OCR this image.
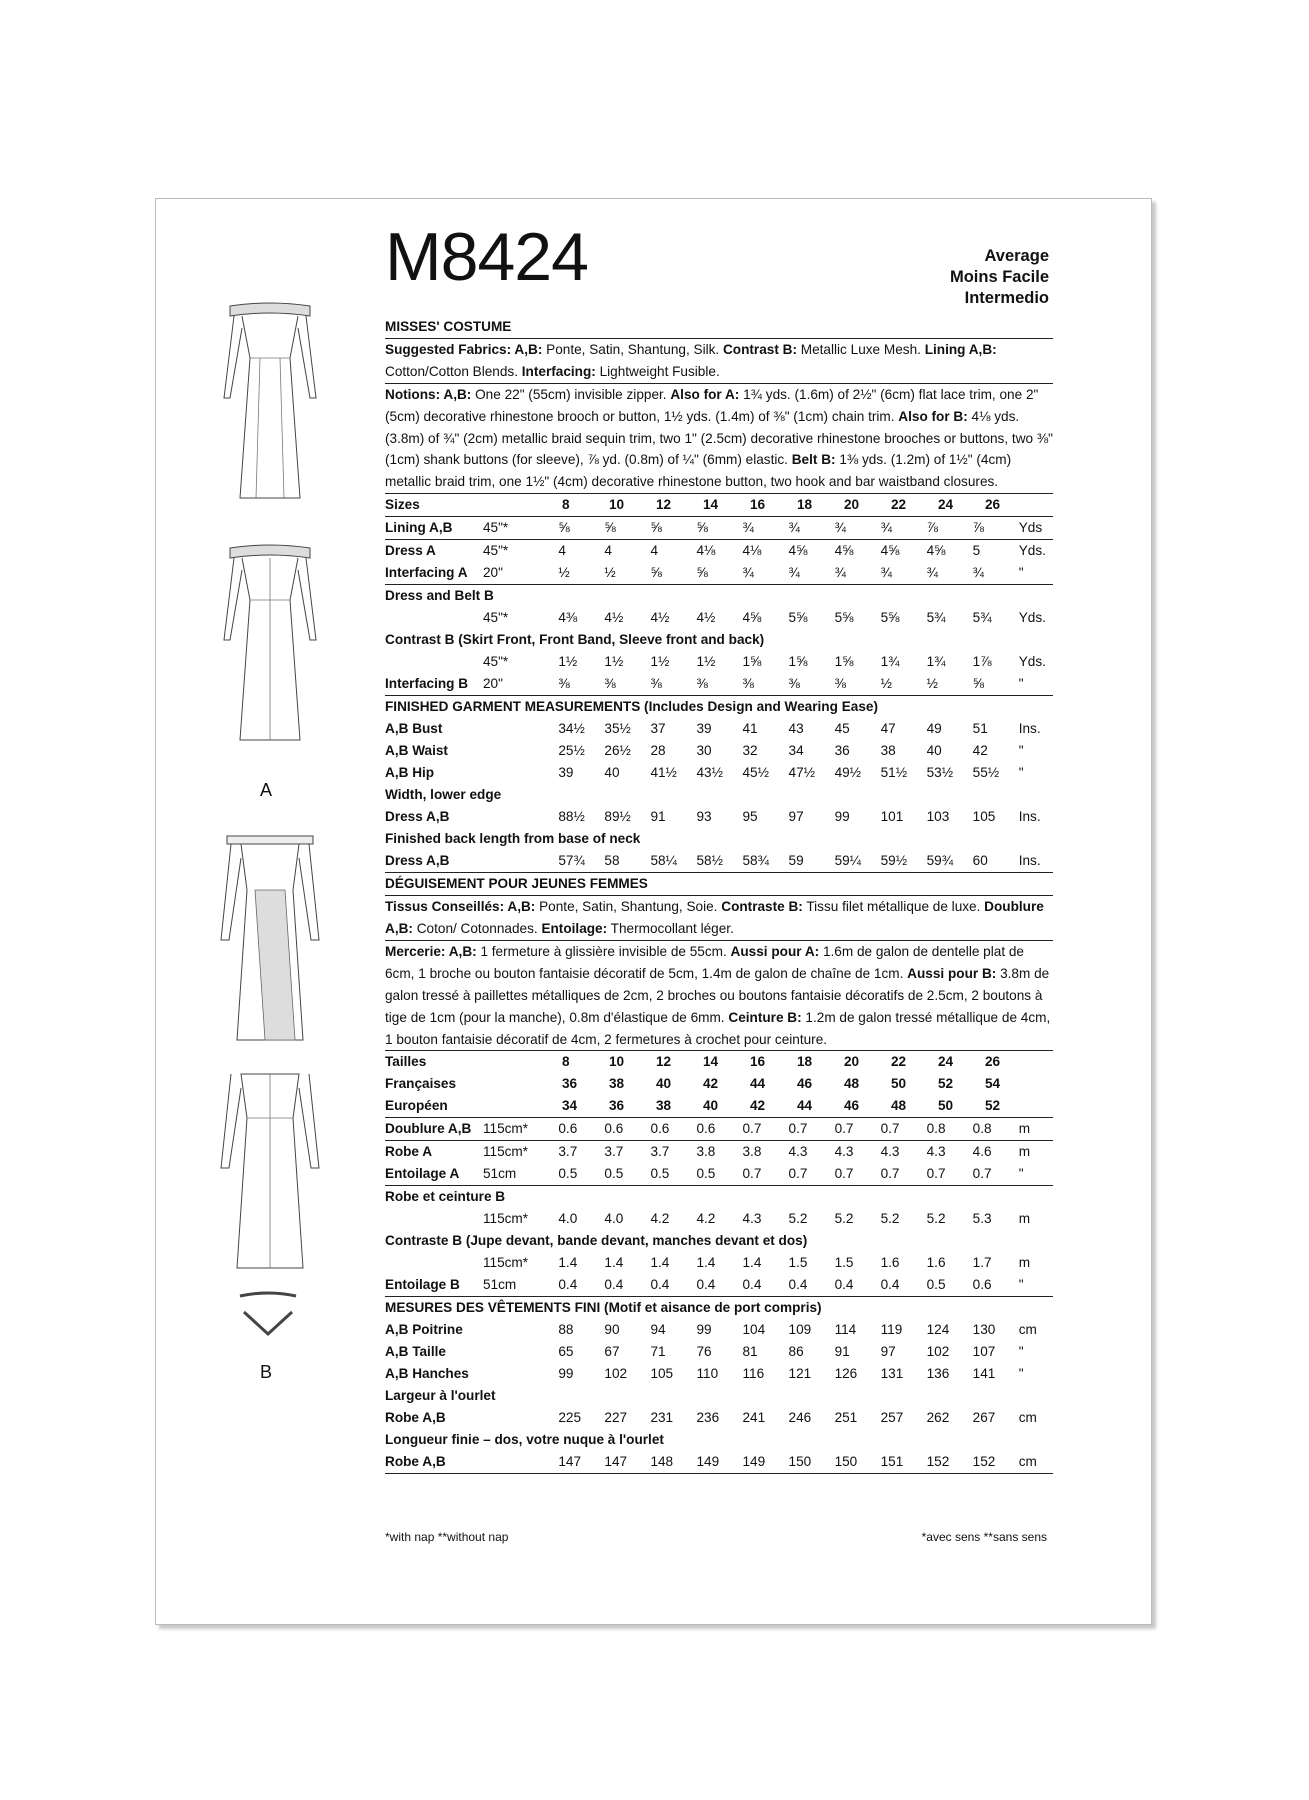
A
B
M8424	Average
Moins Facile
Intermedio
MISSES' COSTUME

Suggested Fabrics: A,B: Ponte, Satin, Shantung, Silk. Contrast B: Metallic Luxe Mesh. Lining A,B: Cotton/Cotton Blends. Interfacing: Lightweight Fusible.

Notions: A,B: One 22" (55cm) invisible zipper. Also for A: 1¾ yds. (1.6m) of 2½" (6cm) flat lace trim, one 2" (5cm) decorative rhinestone brooch or button, 1½ yds. (1.4m) of ⅜" (1cm) chain trim. Also for B: 4⅛ yds. (3.8m) of ¾" (2cm) metallic braid sequin trim, two 1" (2.5cm) decorative rhinestone brooches or buttons, two ⅜" (1cm) shank buttons (for sleeve), ⅞ yd. (0.8m) of ¼" (6mm) elastic. Belt B: 1⅜ yds. (1.2m) of 1½" (4cm) metallic braid trim, one 1½" (4cm) decorative rhinestone button, two hook and bar waistband closures.

Sizes	8	10	12	14	16	18	20	22	24	26
Lining A,B	45"*	⅝	⅝	⅝	⅝	¾	¾	¾	¾	⅞	⅞	Yds
Dress A	45"*	4	4	4	4⅛	4⅛	4⅝	4⅝	4⅝	4⅝	5	Yds.
Interfacing A	20"	½	½	⅝	⅝	¾	¾	¾	¾	¾	¾	"
Dress and Belt B
45"*	4⅜	4½	4½	4½	4⅝	5⅝	5⅝	5⅝	5¾	5¾	Yds.
Contrast B (Skirt Front, Front Band, Sleeve front and back)
45"*	1½	1½	1½	1½	1⅝	1⅝	1⅝	1¾	1¾	1⅞	Yds.
Interfacing B	20"	⅜	⅜	⅜	⅜	⅜	⅜	⅜	½	½	⅝	"
FINISHED GARMENT MEASUREMENTS (Includes Design and Wearing Ease)
A,B Bust	34½	35½	37	39	41	43	45	47	49	51	Ins.
A,B Waist	25½	26½	28	30	32	34	36	38	40	42	"
A,B Hip	39	40	41½	43½	45½	47½	49½	51½	53½	55½	"
Width, lower edge
Dress A,B	88½	89½	91	93	95	97	99	101	103	105	Ins.
Finished back length from base of neck
Dress A,B	57¾	58	58¼	58½	58¾	59	59¼	59½	59¾	60	Ins.
DÉGUISEMENT POUR JEUNES FEMMES

Tissus Conseillés: A,B: Ponte, Satin, Shantung, Soie. Contraste B: Tissu filet métallique de luxe. Doublure A,B: Coton/ Cotonnades. Entoilage: Thermocollant léger.

Mercerie: A,B: 1 fermeture à glissière invisible de 55cm. Aussi pour A: 1.6m de galon de dentelle plat de 6cm, 1 broche ou bouton fantaisie décoratif de 5cm, 1.4m de galon de chaîne de 1cm. Aussi pour B: 3.8m de galon tressé à paillettes métalliques de 2cm, 2 broches ou boutons fantaisie décoratifs de 2.5cm, 2 boutons à tige de 1cm (pour la manche), 0.8m d'élastique de 6mm. Ceinture B: 1.2m de galon tressé métallique de 4cm, 1 bouton fantaisie décoratif de 4cm, 2 fermetures à crochet pour ceinture.

Tailles	8	10	12	14	16	18	20	22	24	26
Françaises	36	38	40	42	44	46	48	50	52	54
Européen	34	36	38	40	42	44	46	48	50	52
Doublure A,B 115cm*	0.6	0.6	0.6	0.6	0.7	0.7	0.7	0.7	0.8	0.8	m
Robe A	115cm*	3.7	3.7	3.7	3.8	3.8	4.3	4.3	4.3	4.3	4.6	m
Entoilage A	51cm	0.5	0.5	0.5	0.5	0.7	0.7	0.7	0.7	0.7	0.7	"
Robe et ceinture B
115cm*	4.0	4.0	4.2	4.2	4.3	5.2	5.2	5.2	5.2	5.3	m
Contraste B (Jupe devant, bande devant, manches devant et dos)
115cm*	1.4	1.4	1.4	1.4	1.4	1.5	1.5	1.6	1.6	1.7	m
Entoilage B	51cm	0.4	0.4	0.4	0.4	0.4	0.4	0.4	0.4	0.5	0.6	"
MESURES DES VÊTEMENTS FINI (Motif et aisance de port compris)
A,B Poitrine	88	90	94	99	104	109	114	119	124	130	cm
A,B Taille	65	67	71	76	81	86	91	97	102	107	"
A,B Hanches	99	102	105	110	116	121	126	131	136	141	"
Largeur à l'ourlet
Robe A,B	225	227	231	236	241	246	251	257	262	267	cm
Longueur finie – dos, votre nuque à l'ourlet
Robe A,B	147	147	148	149	149	150	150	151	152	152	cm
*with nap **without nap	*avec sens **sans sens
